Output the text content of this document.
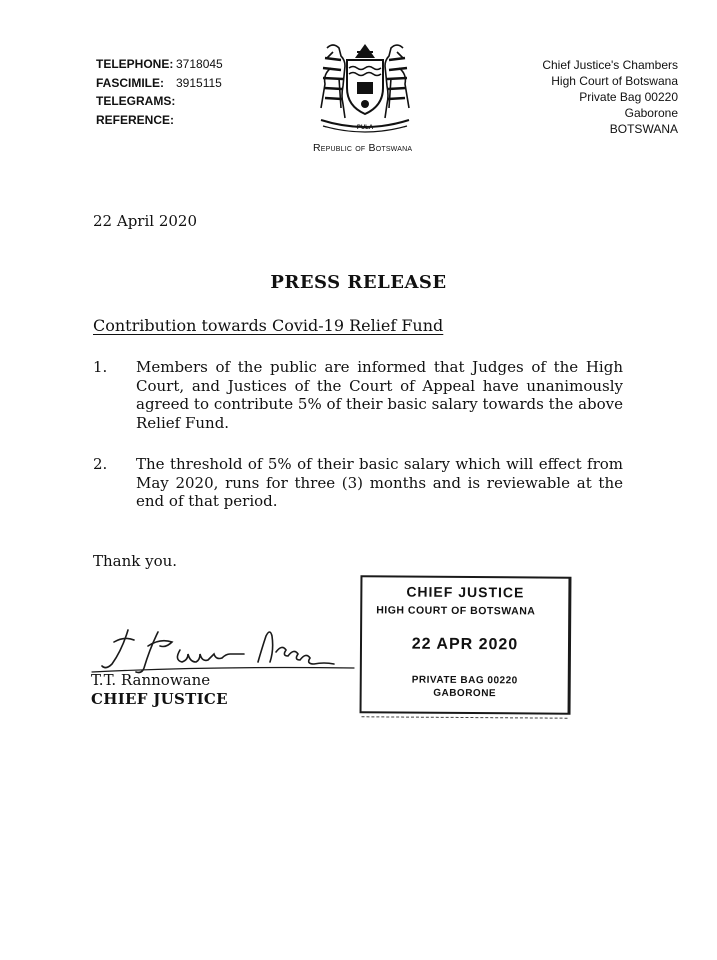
TELEPHONE: 3718045
FASCIMILE:	3915115
TELEGRAMS:
REFERENCE:
PULA
Republic of Botswana
Chief Justice's Chambers
High Court of Botswana
Private Bag 00220
Gaborone
BOTSWANA
22 April 2020
PRESS RELEASE
Contribution towards Covid-19 Relief Fund
1.	Members of the public are informed that Judges of the High Court, and Justices of the Court of Appeal have unanimously agreed to contribute 5% of their basic salary towards the above Relief Fund.
2.	The threshold of 5% of their basic salary which will effect from May 2020, runs for three (3) months and is reviewable at the end of that period.
Thank you.
T.T. Rannowane
CHIEF JUSTICE
CHIEF JUSTICE
HIGH COURT OF BOTSWANA
22 APR 2020
PRIVATE BAG 00220
GABORONE
